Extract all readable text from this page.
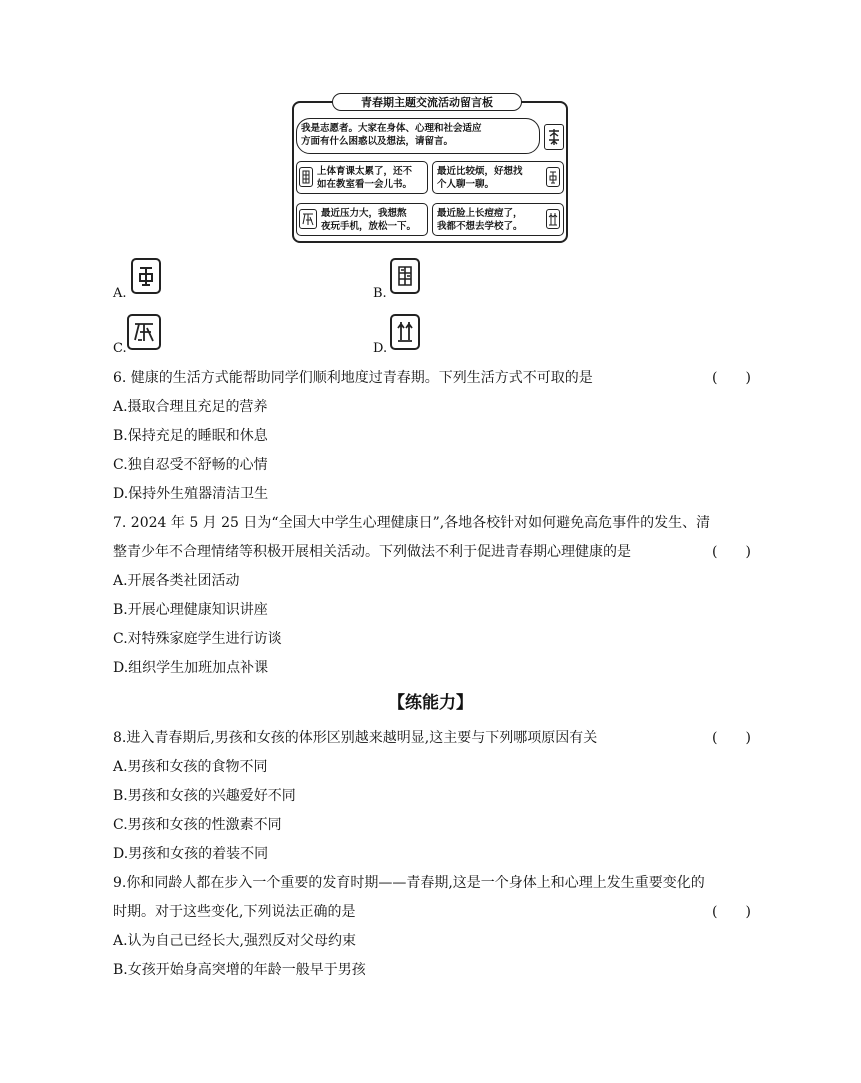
青春期主题交流活动留言板
我是志愿者。大家在身体、心理和社会适应
方面有什么困惑以及想法，请留言。
上体育课太累了，还不
如在教室看一会儿书。
最近比较烦，好想找
个人聊一聊。
最近压力大，我想熬
夜玩手机，放松一下。
最近脸上长痘痘了，
我都不想去学校了。
A.	B.
C.	D.
6. 健康的生活方式能帮助同学们顺利地度过青春期。下列生活方式不可取的是	(　　)
A.摄取合理且充足的营养
B.保持充足的睡眠和休息
C.独自忍受不舒畅的心情
D.保持外生殖器清洁卫生
7. 2024 年 5 月 25 日为“全国大中学生心理健康日”,各地各校针对如何避免高危事件的发生、清
整青少年不合理情绪等积极开展相关活动。下列做法不利于促进青春期心理健康的是	(　　)
A.开展各类社团活动
B.开展心理健康知识讲座
C.对特殊家庭学生进行访谈
D.组织学生加班加点补课
【练能力】
8.进入青春期后,男孩和女孩的体形区别越来越明显,这主要与下列哪项原因有关	(　　)
A.男孩和女孩的食物不同
B.男孩和女孩的兴趣爱好不同
C.男孩和女孩的性激素不同
D.男孩和女孩的着装不同
9.你和同龄人都在步入一个重要的发育时期——青春期,这是一个身体上和心理上发生重要变化的
时期。对于这些变化,下列说法正确的是	(　　)
A.认为自己已经长大,强烈反对父母约束
B.女孩开始身高突增的年龄一般早于男孩
